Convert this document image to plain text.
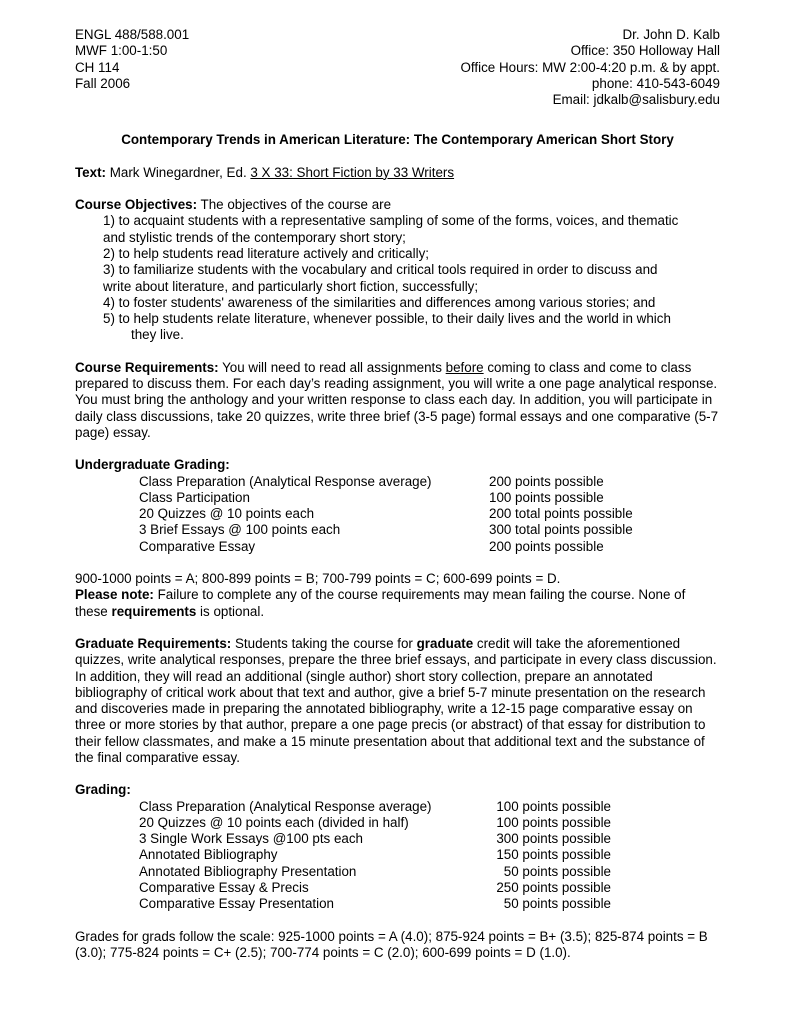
ENGL 488/588.001
MWF 1:00-1:50
CH 114
Fall 2006
Dr. John D. Kalb
Office: 350 Holloway Hall
Office Hours: MW 2:00-4:20 p.m. & by appt.
phone: 410-543-6049
Email: jdkalb@salisbury.edu
Contemporary Trends in American Literature: The Contemporary American Short Story
Text: Mark Winegardner, Ed. 3 X 33: Short Fiction by 33 Writers
Course Objectives: The objectives of the course are
1) to acquaint students with a representative sampling of some of the forms, voices, and thematic
and stylistic trends of the contemporary short story;
2) to help students read literature actively and critically;
3) to familiarize students with the vocabulary and critical tools required in order to discuss and
write about literature, and particularly short fiction, successfully;
4) to foster students' awareness of the similarities and differences among various stories; and
5) to help students relate literature, whenever possible, to their daily lives and the world in which
they live.

Course Requirements: You will need to read all assignments before coming to class and come to class prepared to discuss them. For each day’s reading assignment, you will write a one page analytical response. You must bring the anthology and your written response to class each day. In addition, you will participate in daily class discussions, take 20 quizzes, write three brief (3-5 page) formal essays and one comparative (5-7 page) essay.

Undergraduate Grading:
Class Preparation (Analytical Response average)	200 points possible
Class Participation	100 points possible
20 Quizzes @ 10 points each	200 total points possible
3 Brief Essays @ 100 points each	300 total points possible
Comparative Essay	200 points possible
900-1000 points = A; 800-899 points = B; 700-799 points = C; 600-699 points = D.

Please note: Failure to complete any of the course requirements may mean failing the course. None of these requirements is optional.

Graduate Requirements: Students taking the course for graduate credit will take the aforementioned quizzes, write analytical responses, prepare the three brief essays, and participate in every class discussion. In addition, they will read an additional (single author) short story collection, prepare an annotated bibliography of critical work about that text and author, give a brief 5-7 minute presentation on the research and discoveries made in preparing the annotated bibliography, write a 12-15 page comparative essay on three or more stories by that author, prepare a one page precis (or abstract) of that essay for distribution to their fellow classmates, and make a 15 minute presentation about that additional text and the substance of the final comparative essay.

Grading:
Class Preparation (Analytical Response average)	100 points possible
20 Quizzes @ 10 points each (divided in half)	100 points possible
3 Single Work Essays @100 pts each	300 points possible
Annotated Bibliography	150 points possible
Annotated Bibliography Presentation	50 points possible
Comparative Essay & Precis	250 points possible
Comparative Essay Presentation	50 points possible

Grades for grads follow the scale: 925-1000 points = A (4.0); 875-924 points = B+ (3.5); 825-874 points = B (3.0); 775-824 points = C+ (2.5); 700-774 points = C (2.0); 600-699 points = D (1.0).
